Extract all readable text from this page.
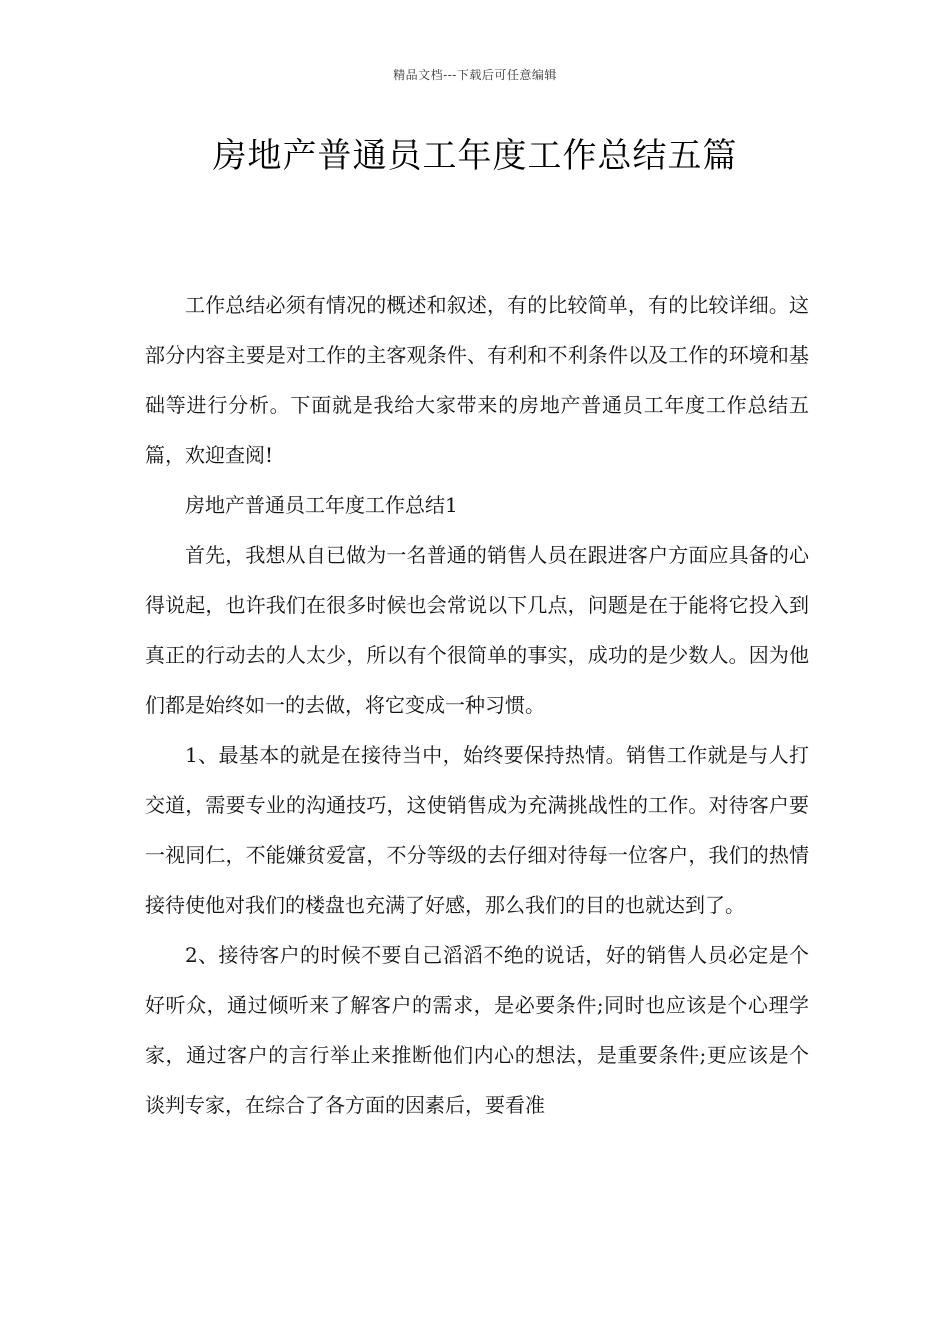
精品文档---下载后可任意编辑
房地产普通员工年度工作总结五篇

工作总结必须有情况的概述和叙述，有的比较简单，有的比较详细。这部分内容主要是对工作的主客观条件、有利和不利条件以及工作的环境和基础等进行分析。下面就是我给大家带来的房地产普通员工年度工作总结五篇，欢迎查阅!

房地产普通员工年度工作总结1

首先，我想从自已做为一名普通的销售人员在跟进客户方面应具备的心得说起，也许我们在很多时候也会常说以下几点，问题是在于能将它投入到真正的行动去的人太少，所以有个很简单的事实，成功的是少数人。因为他们都是始终如一的去做，将它变成一种习惯。

1、最基本的就是在接待当中，始终要保持热情。销售工作就是与人打交道，需要专业的沟通技巧，这使销售成为充满挑战性的工作。对待客户要一视同仁，不能嫌贫爱富，不分等级的去仔细对待每一位客户，我们的热情接待使他对我们的楼盘也充满了好感，那么我们的目的也就达到了。

2、接待客户的时候不要自己滔滔不绝的说话，好的销售人员必定是个好听众，通过倾听来了解客户的需求，是必要条件;同时也应该是个心理学家，通过客户的言行举止来推断他们内心的想法，是重要条件;更应该是个谈判专家，在综合了各方面的因素后，要看准
